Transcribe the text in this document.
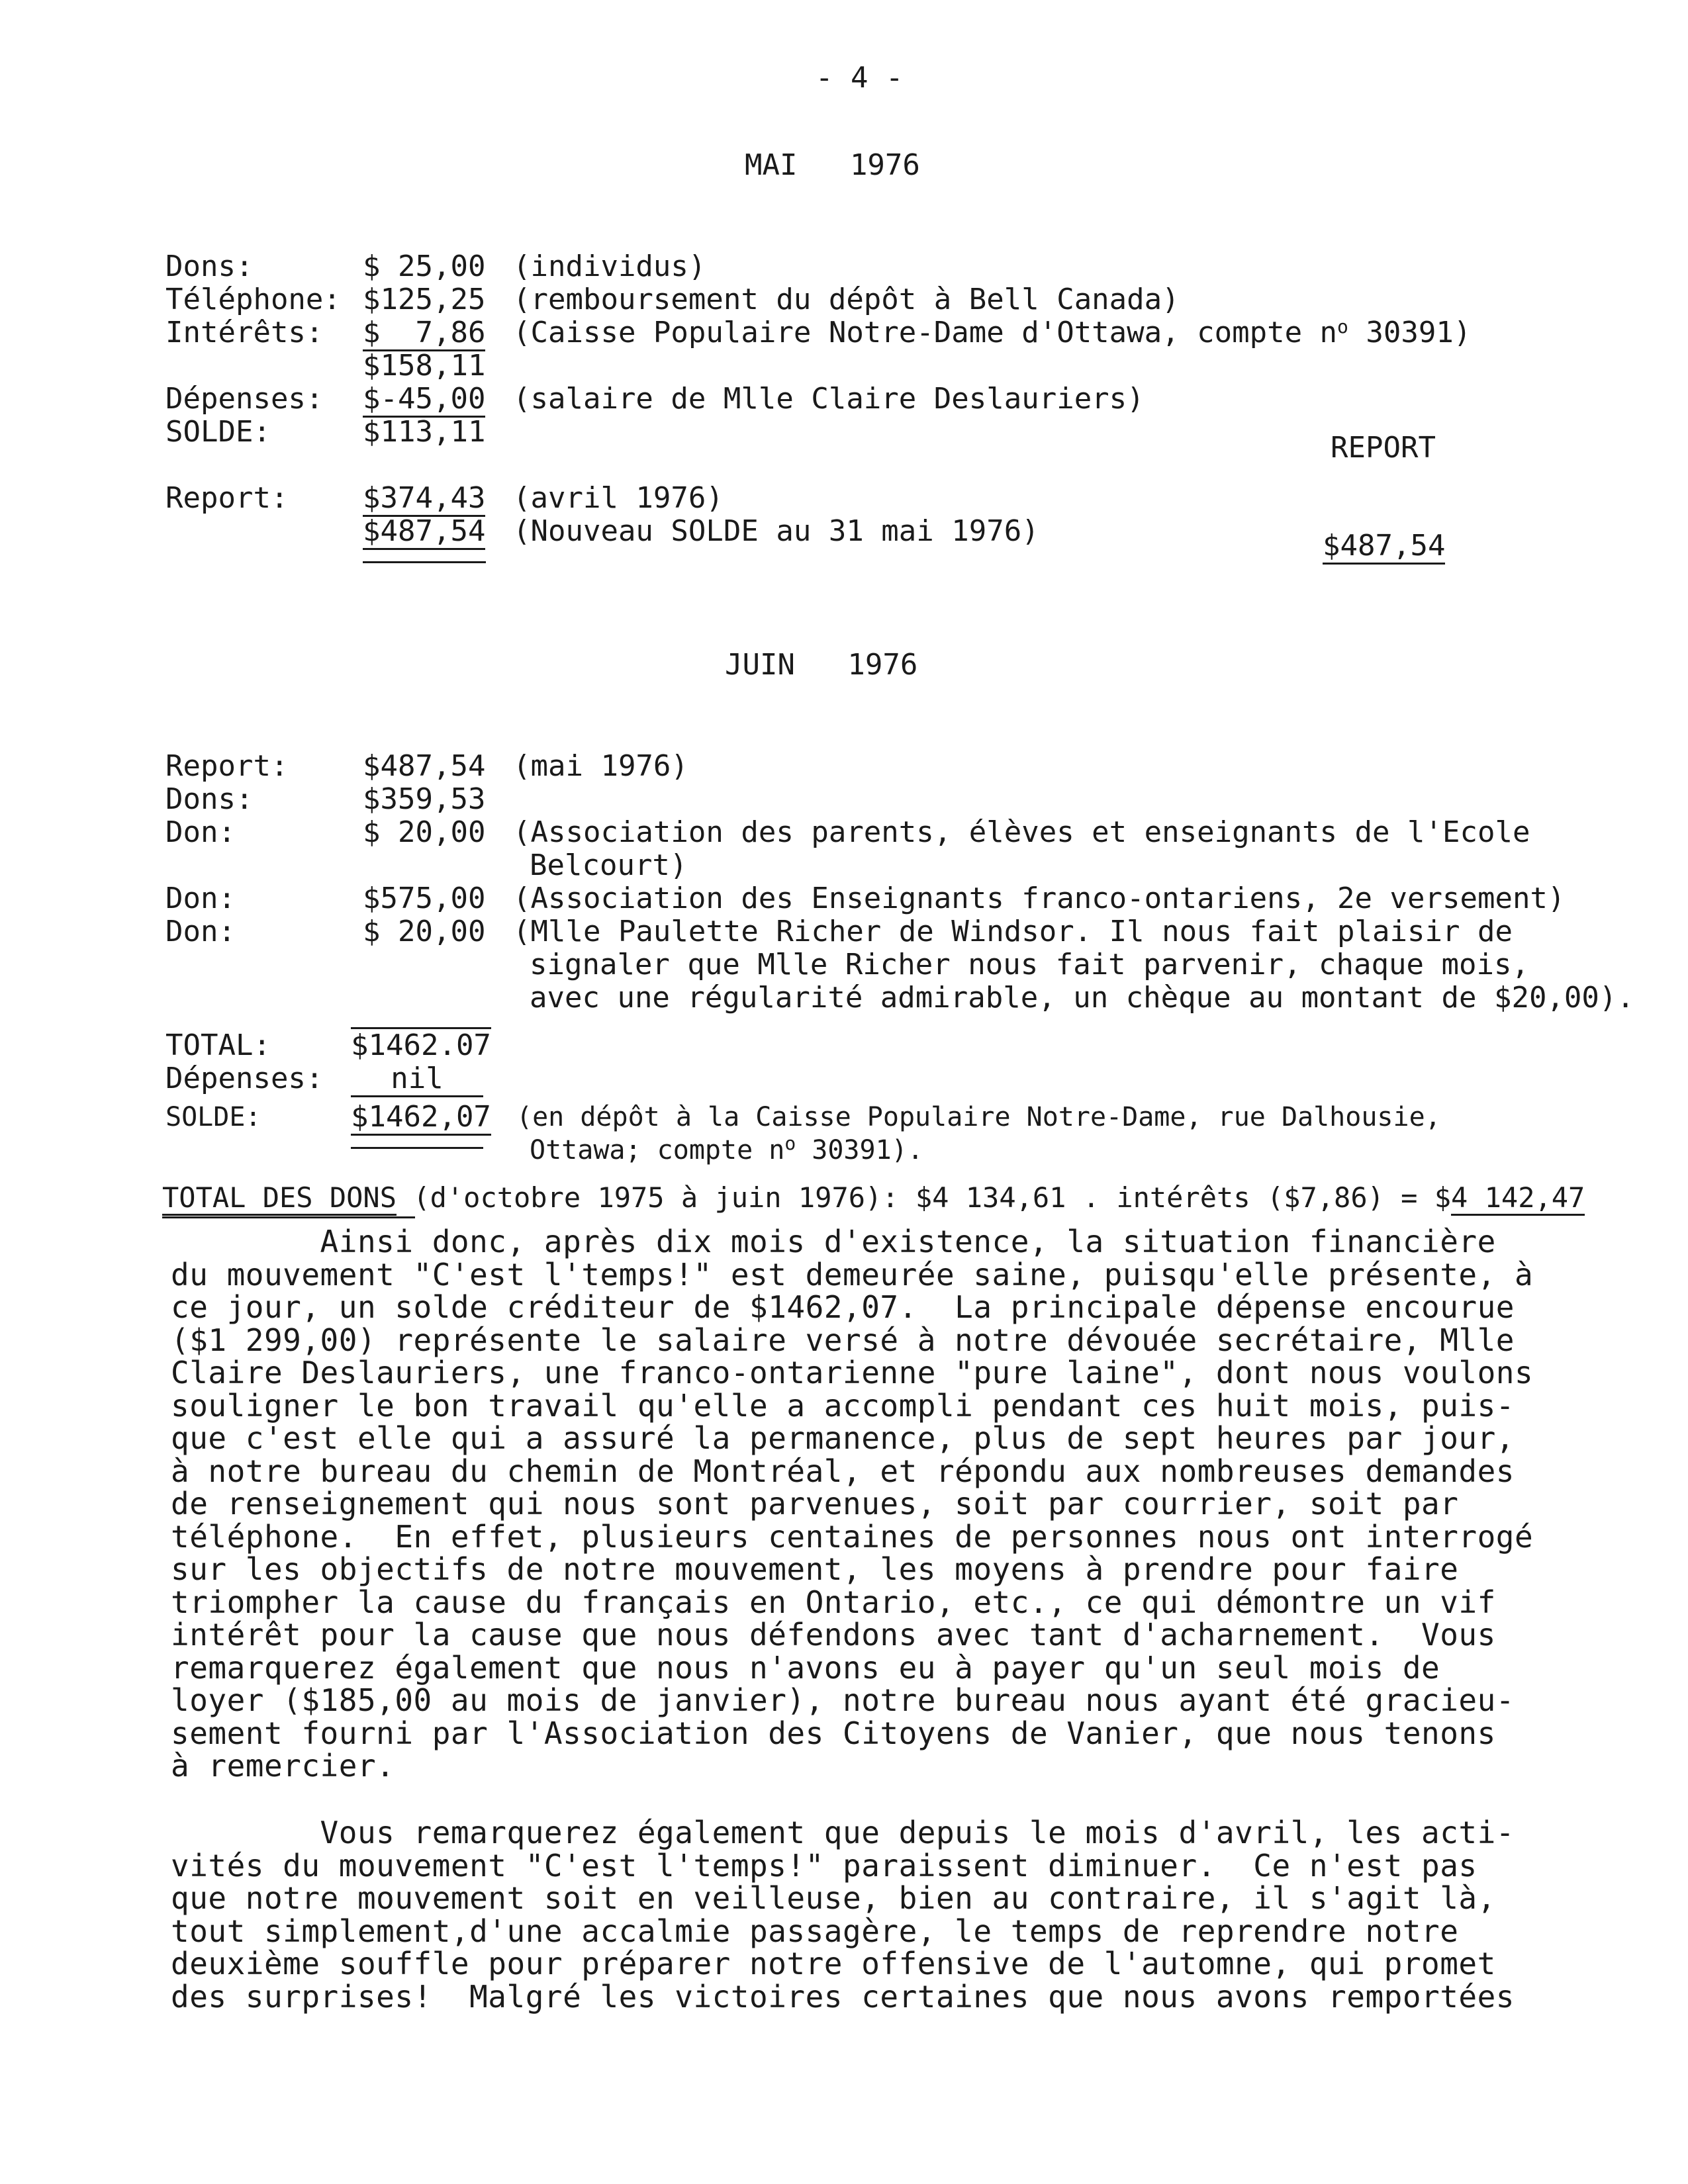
- 4 -
MAI   1976
Dons:	$ 25,00 (individus)
Téléphone: $125,25 (remboursement du dépôt à Bell Canada)
Intérêts: $  7,86 (Caisse Populaire Notre-Dame d'Ottawa, compte $n^o$ 30391)
$158,11
Dépenses: $-45,00 (salaire de Mlle Claire Deslauriers)
SOLDE:	$113,11
Report:	$374,43 (avril 1976)
$487,54 (Nouveau SOLDE au 31 mai 1976)
REPORT
$487,54
JUIN   1976
Report:	$487,54 (mai 1976)
Dons:	$359,53
Don:	$ 20,00 (Association des parents, élèves et enseignants de l'Ecole
Belcourt)
Don:	$575,00 (Association des Enseignants franco-ontariens, 2e versement)
Don:	$ 20,00 (Mlle Paulette Richer de Windsor. Il nous fait plaisir de
signaler que Mlle Richer nous fait parvenir, chaque mois,
avec une régularité admirable, un chèque au montant de $20,00).
TOTAL:	$1462.07
Dépenses:	nil
SOLDE:	$1462,07 (en dépôt à la Caisse Populaire Notre-Dame, rue Dalhousie,
Ottawa; compte $n^o$ 30391).
TOTAL DES DONS (d'octobre 1975 à juin 1976): $4 134,61 . intérêts ($7,86) = $4 142,47
Ainsi donc, après dix mois d'existence, la situation financière
du mouvement "C'est l'temps!" est demeurée saine, puisqu'elle présente, à
ce jour, un solde créditeur de $1462,07.  La principale dépense encourue
($1 299,00) représente le salaire versé à notre dévouée secrétaire, Mlle
Claire Deslauriers, une franco-ontarienne "pure laine", dont nous voulons
souligner le bon travail qu'elle a accompli pendant ces huit mois, puis-
que c'est elle qui a assuré la permanence, plus de sept heures par jour,
à notre bureau du chemin de Montréal, et répondu aux nombreuses demandes
de renseignement qui nous sont parvenues, soit par courrier, soit par
téléphone.  En effet, plusieurs centaines de personnes nous ont interrogé
sur les objectifs de notre mouvement, les moyens à prendre pour faire
triompher la cause du français en Ontario, etc., ce qui démontre un vif
intérêt pour la cause que nous défendons avec tant d'acharnement.  Vous
remarquerez également que nous n'avons eu à payer qu'un seul mois de
loyer ($185,00 au mois de janvier), notre bureau nous ayant été gracieu-
sement fourni par l'Association des Citoyens de Vanier, que nous tenons
à remercier.
Vous remarquerez également que depuis le mois d'avril, les acti-
vités du mouvement "C'est l'temps!" paraissent diminuer.  Ce n'est pas
que notre mouvement soit en veilleuse, bien au contraire, il s'agit là,
tout simplement,d'une accalmie passagère, le temps de reprendre notre
deuxième souffle pour préparer notre offensive de l'automne, qui promet
des surprises!  Malgré les victoires certaines que nous avons remportées
